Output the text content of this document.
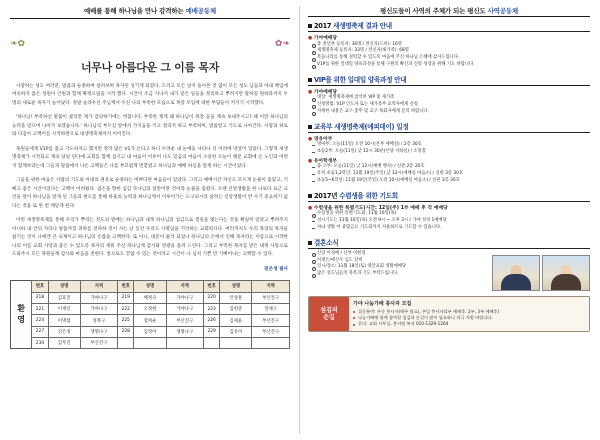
예배를 통해 하나님을 만나 감격하는 예배공동체
❧✿	✿❧
너무나 아름다운 그 이름 목자

사랑하는 성도 여러분, 말씀과 순종하여 살펴보며 목자된 성기게 되었다. 드리고 모든 일이 돌아본 것 없이 모든 성도 님들과 아내 책임에 여유하지 않은 성원이 인원과 함께 확정오림을 시작 했다. 시간이 조금 지나서 내가 맡은 일들을 정리하고 뿌려지면 말하길 원하라까지 두 명의 새로운 목자가 늘어났다. 정말 놀라우신 주님께서 수신 나의 부족한 모습으로 목장 모임에 대한 부담들이 커지기 시작했다.

'하나님! 부족하신 말씀이 꿇리만 제가 감당하기에는 벅찹니다. 부족한 제게 왜 하나님이 목장 들을 계속 보내주시고? 왜 이만 하나님의 능력을 믿으며 나아가 보겠습니다.' 하나님의 부르심 앞에서 가지음을 키고 결의지 하고 부족하며, 말씀알고 기도로 나아간다. 사랑과 위로와 다짐아 고백이를 시작하면으로 내생명축제까지 이어진다.

목원들에게 V1P를 품고 기도하자고 했지만 정작 많은 V1가 온다고 하니 두려운 내 눈에들 나타나 더 어려에 막상이 있었다. 그렇게 새생명축제가 시작되고 계속 당일 된다에 교회를 함께 섬기고 내 마음이 이루어 나도 믿음의 마음이 소중한 오늘이 때문 교회에 온 노인과 어떤지 함께보았는데 그들과 말씀에서 나온 고백들은 나를 부끄럽게 면할였고 하나님과 예배 하심을 알게 하는 시간이었다.

그들을 위한 마음은 사람의 기도와 아내의 권유로 순종하는 여쁘다란 마음들이 있었다. 그리고 예배시간 자신도 모르게 눈물이 흘렀고, 기뻐고 좋은 시간이었다는 고백이 어려웠다. 겸손을 향한 섬김 뜻나님의 일만이란 것이라 눈물을 흘렸다. 오랜 신앙생활을 한 나보다 표근 교인들 앞이 하나님을 알게 된 그들과 변도를 통해 바울의 능력과 하나님께서 이루어가는 도구되시라 살려는 신앙생활이 반 수기 중요하기 없다는 것을 또 한 번 깨닫게 된다.

이번 새생명축제를 통해 우리가 뿌리는 전도의 열매는 하나님과 내게 하나님의 섬김으로 결실을 맺는다는 것을 확실히 알았고 뿌려주지 아니하 내 안의 자라나 말씀까짐 퍼하를 전파하 것이 사는 날 동안 우리도 사명임을 기억하는 교회라디다. 여러까지도 우리 목장의 목자들 삶기는 것이 나예겐 큰 숙제이고 하나님의 손잡을 고백한다. 또 아니, 대문이 물러 되었나 하나님의 손에서 인해 목자라는 이름으로 시작한 나의 이름 교회 사랑과 좋은 수 있도록 목자의 세워 주신 하나님께 감사와 영광을 올려 드린다. 그리고 부족한 목자를 맡은 내게 사랑으로 도와주시 모든 목원들께 감사와 마음을 전한다. 앞으로도 끝없 수 있는 것이라고 시간이 나 넘쳐 기쁜 만 기뻐어나는 고백할 수 있다.

믿은생 필사

환
영
번호	성명	지역	번호	성명	지역	번호	성명	지역
218	김효진	가야나구	219	배정숙	가야나구	220	안상훈	부산진구
221	이재일	가야나구	222	오정현	가야나구	223	김현준	연제구
224	이명섭	성북구	225	장희순	부산진구	226	김세윤	부산진구
227	진은경	생명나구	228	김정아	생명나구	229	김유미	부산진구
230	김무진	부산진구						
평신도들이 사역의 주체가 되는 평신도 사역공동체
2017 새생명축제 결과 안내
● 가야예배당
총 전년부 등록자: 36명 / 결신자(드아): 16명
새생명축제 등록자: 33명 / 결신자(새가족): 68명
복음나리를 통해 경력할 수 있도록 마음에 주신 하나님 은혜에 감사드립니다.
V1P를 위한 일대일 양육과정을 통해 구원의 확신과 신앙 성장을 위해 기도 바랍니다.
VIP를 위한 일대일 양육과정 안내
● 가야예배당
대상: 새생명축제에 참석한 VIP 및 새가족
신청방법: V1P 인도자 또는 새가족부 교역자에게 신청
자세한 내용은 교구 총무 및 교구 목회자에게 문의 바랍니다.
교육부 새생명축제(애피데이) 일정
● 영유아부
영아부: 오늘(11일) 오전 10시(본부 예배실) / 2층 30호
초등2부: 오늘(11일) 낮 12시 30분(본당 지하실) / 소망홀
● 유아학생부
중·고부: 오늘(11일) 낮 12시(예배 행사) / 신관 2층 20호
유치·초등1,2학년: 11월 19일(주일) 낮 12시(예배실 마음소) / 신관 3층 30호
초등5~6학년: 11월 19일(주일) 오전 10시(예배실 마음소) / 신관 3층 30호
2017년 수렴생을 위한 기도회
● 수험생을 위한 특별기도(시간: 12일(주) 1부 예배 후 각 예배당
수험생을 위한 특별기도회: 11월 16일(목)
성시기도는 11월 16일(목) 오전 9시 ~ 오후 3시 / 가야 성경 1예배당
자녀·생활 어 중합금요 기도회까지 자율하므로 기도할 수 있습니다.
결혼소식
신랑 이경애 / 신부 이현경
이재은/애산우 임도 단비
일시/장소: 11월 18일(토) 영안교회 생활예배당
많은 성도님들의 축복과 기도 부탁드립니다.
섬김의
손길
가야 나눔가배 봉사자 모집
집중분야: 주중 봉사자(매주 월요), 주일 봉사자(1부 예배후: 2부, 3부 예배후)
나눔가배에 함께 참여할 섬김과 손길이 많이 필요하니 적극 지원 바랍니다.
문의: 교회 사무실, 봉사팀 복지 010-1329-1264
